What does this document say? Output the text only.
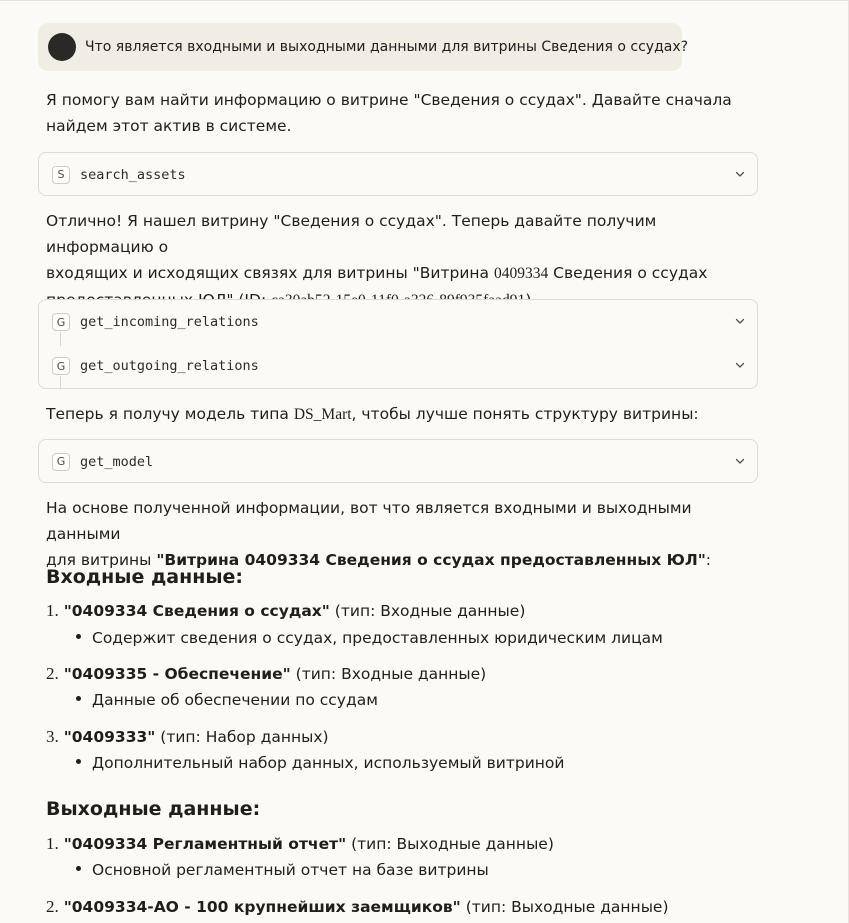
Что является входными и выходными данными для витрины Сведения о ссудах?
Я помогу вам найти информацию о витрине "Сведения о ссудах". Давайте сначала
найдем этот актив в системе.
S	search_assets
Отлично! Я нашел витрину "Сведения о ссудах". Теперь давайте получим информацию о
входящих и исходящих связях для витрины "Витрина 0409334 Сведения о ссудах
G	get_incoming_relations
G	get_outgoing_relations
Теперь я получу модель типа DS_Mart, чтобы лучше понять структуру витрины:
G	get_model
На основе полученной информации, вот что является входными и выходными данными
для витрины "Витрина 0409334 Сведения о ссудах предоставленных ЮЛ":
Входные данные:
1. "0409334 Сведения о ссудах" (тип: Входные данные)
Содержит сведения о ссудах, предоставленных юридическим лицам
2. "0409335 - Обеспечение" (тип: Входные данные)
Данные об обеспечении по ссудам
3. "0409333" (тип: Набор данных)
Дополнительный набор данных, используемый витриной
Выходные данные:
1. "0409334 Регламентный отчет" (тип: Выходные данные)
Основной регламентный отчет на базе витрины
2. "0409334-АО - 100 крупнейших заемщиков" (тип: Выходные данные)
